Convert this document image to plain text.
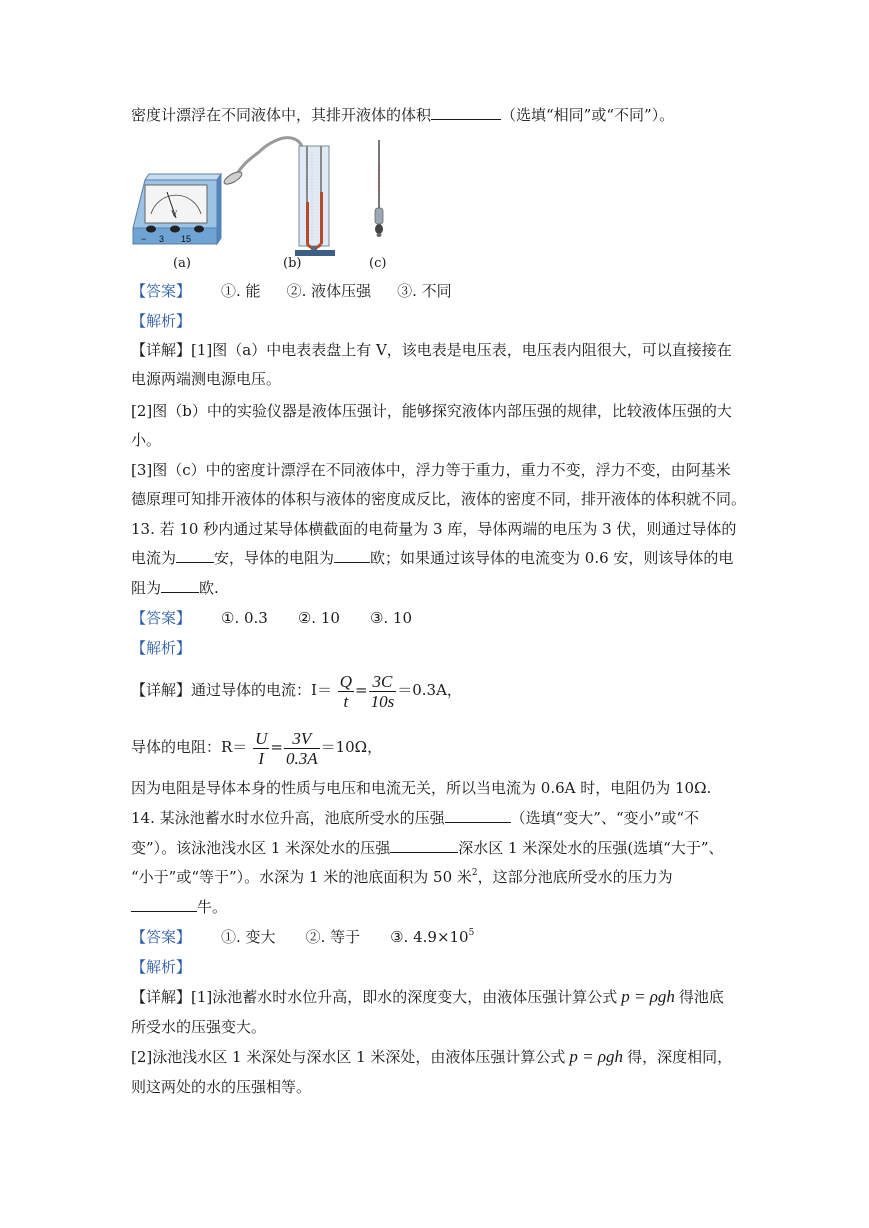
密度计漂浮在不同液体中，其排开液体的体积	（选填“相同”或“不同”）。
V
− 3 15
(a)	(b)	(c)
【答案】 ①. 能 ②. 液体压强 ③. 不同
【解析】
【详解】[1]图（a）中电表表盘上有 V，该电表是电压表，电压表内阻很大，可以直接接在
电源两端测电源电压。
[2]图（b）中的实验仪器是液体压强计，能够探究液体内部压强的规律，比较液体压强的大
小。
[3]图（c）中的密度计漂浮在不同液体中，浮力等于重力，重力不变，浮力不变，由阿基米
德原理可知排开液体的体积与液体的密度成反比，液体的密度不同，排开液体的体积就不同。
13. 若 10 秒内通过某导体横截面的电荷量为 3 库，导体两端的电压为 3 伏，则通过导体的
电流为	安，导体的电阻为 欧；如果通过该导体的电流变为 0.6 安，则该导体的电
阻为	欧.
【答案】 ①. 0.3 ②. 10 ③. 10
【解析】
【详解】通过导体的电流：$I= \frac{Q}{t} = \frac{3C}{10s} =0.3A$，
导体的电阻：$R= \frac{U}{I} = \frac{3V}{0.3A} =10\Omega$，
因为电阻是导体本身的性质与电压和电流无关，所以当电流为 0.6A 时，电阻仍为 10Ω.
14. 某泳池蓄水时水位升高，池底所受水的压强	（选填“变大”、“变小”或“不
变”）。该泳池浅水区 1 米深处水的压强	深水区 1 米深处水的压强(选填“大于”、
“小于”或“等于”）。水深为 1 米的池底面积为 50 米$^2$，这部分池底所受水的压力为
牛。
【答案】 ①. 变大 ②. 等于 ③. $4.9\times 10^5$
【解析】
【详解】[1]泳池蓄水时水位升高，即水的深度变大，由液体压强计算公式 p = ρgh 得池底
所受水的压强变大。
[2]泳池浅水区 1 米深处与深水区 1 米深处，由液体压强计算公式 p = ρgh 得，深度相同，
则这两处的水的压强相等。
